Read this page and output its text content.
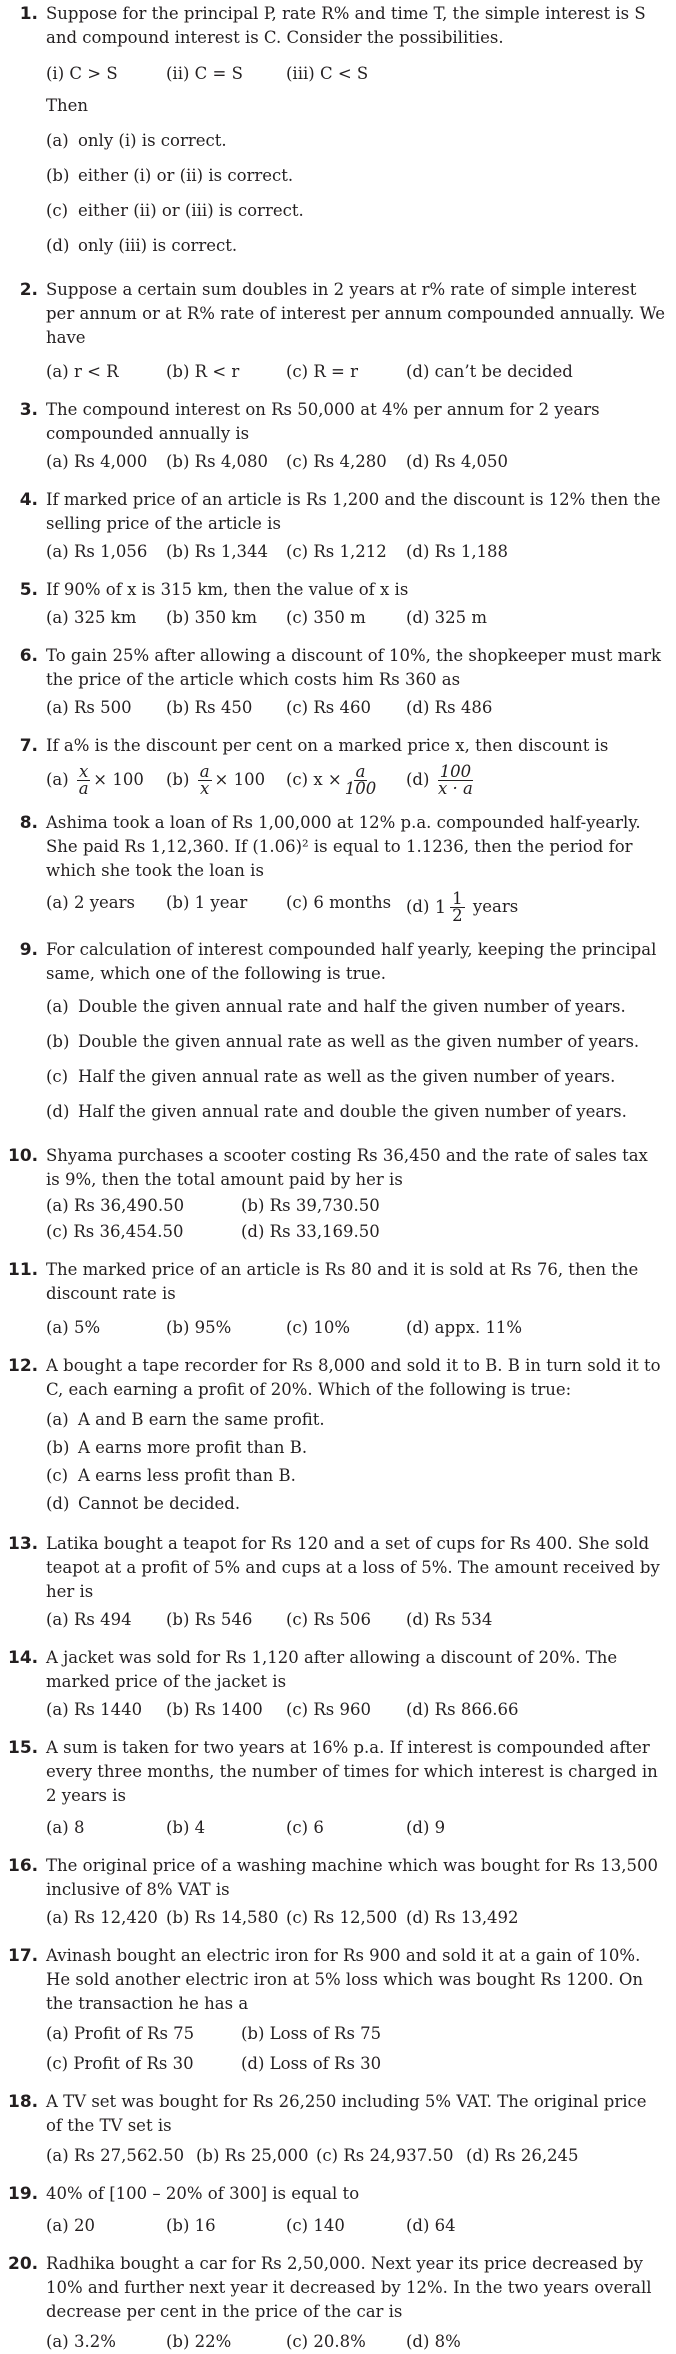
1. Suppose for the principal P, rate R% and time T, the simple interest is S and compound interest is C. Consider the possibilities.

(i) C > S	(ii) C = S	(iii) C < S
Then
(a) only (i) is correct.
(b) either (i) or (ii) is correct.
(c) either (ii) or (iii) is correct.
(d) only (iii) is correct.
2. Suppose a certain sum doubles in 2 years at r% rate of simple interest per annum or at R% rate of interest per annum compounded annually. We have

(a) r < R	(b) R < r	(c) R = r	(d) can’t be decided
3. The compound interest on Rs 50,000 at 4% per annum for 2 years compounded annually is

(a) Rs 4,000	(b) Rs 4,080	(c) Rs 4,280	(d) Rs 4,050
4. If marked price of an article is Rs 1,200 and the discount is 12% then the selling price of the article is

(a) Rs 1,056	(b) Rs 1,344	(c) Rs 1,212	(d) Rs 1,188
5. If 90% of x is 315 km, then the value of x is

(a) 325 km	(b) 350 km	(c) 350 m	(d) 325 m
6. To gain 25% after allowing a discount of 10%, the shopkeeper must mark the price of the article which costs him Rs 360 as

(a) Rs 500	(b) Rs 450	(c) Rs 460	(d) Rs 486
7. If a% is the discount per cent on a marked price x, then discount is

$(a) \frac{x}{a} \times 100$	$(b) \frac{a}{x} \times 100$	(c) $x \times \frac{a}{100} (d) \frac{100}{x \cdot a}$
8. Ashima took a loan of Rs 1,00,000 at 12% p.a. compounded half-yearly. She paid Rs 1,12,360. If (1.06)² is equal to 1.1236, then the period for which she took the loan is

(a) 2 years	(b) 1 year	(c) 6 months (d) $1 \frac{1}{2}$ years
9. For calculation of interest compounded half yearly, keeping the principal same, which one of the following is true.

(a) Double the given annual rate and half the given number of years.
(b) Double the given annual rate as well as the given number of years.
(c) Half the given annual rate as well as the given number of years.
(d) Half the given annual rate and double the given number of years.
10. Shyama purchases a scooter costing Rs 36,450 and the rate of sales tax is 9%, then the total amount paid by her is

(a) Rs 36,490.50	(b) Rs 39,730.50
(c) Rs 36,454.50	(d) Rs 33,169.50
11. The marked price of an article is Rs 80 and it is sold at Rs 76, then the discount rate is

(a) 5%	(b) 95%	(c) 10%	(d) appx. 11%
12. A bought a tape recorder for Rs 8,000 and sold it to B. B in turn sold it to C, each earning a profit of 20%. Which of the following is true:

(a) A and B earn the same profit.
(b) A earns more profit than B.
(c) A earns less profit than B.
(d) Cannot be decided.
13. Latika bought a teapot for Rs 120 and a set of cups for Rs 400. She sold teapot at a profit of 5% and cups at a loss of 5%. The amount received by her is

(a) Rs 494	(b) Rs 546	(c) Rs 506	(d) Rs 534
14. A jacket was sold for Rs 1,120 after allowing a discount of 20%. The marked price of the jacket is

(a) Rs 1440	(b) Rs 1400	(c) Rs 960	(d) Rs 866.66
15. A sum is taken for two years at 16% p.a. If interest is compounded after every three months, the number of times for which interest is charged in 2 years is

(a) 8	(b) 4	(c) 6	(d) 9
16. The original price of a washing machine which was bought for Rs 13,500 inclusive of 8% VAT is

(a) Rs 12,420 (b) Rs 14,580 (c) Rs 12,500 (d) Rs 13,492
17. Avinash bought an electric iron for Rs 900 and sold it at a gain of 10%. He sold another electric iron at 5% loss which was bought Rs 1200. On the transaction he has a

(a) Profit of Rs 75	(b) Loss of Rs 75
(c) Profit of Rs 30	(d) Loss of Rs 30
18. A TV set was bought for Rs 26,250 including 5% VAT. The original price of the TV set is

(a) Rs 27,562.50 (b) Rs 25,000 (c) Rs 24,937.50 (d) Rs 26,245
19. 40% of [100 – 20% of 300] is equal to

(a) 20	(b) 16	(c) 140	(d) 64
20. Radhika bought a car for Rs 2,50,000. Next year its price decreased by 10% and further next year it decreased by 12%. In the two years overall decrease per cent in the price of the car is

(a) 3.2%	(b) 22%	(c) 20.8%	(d) 8%
